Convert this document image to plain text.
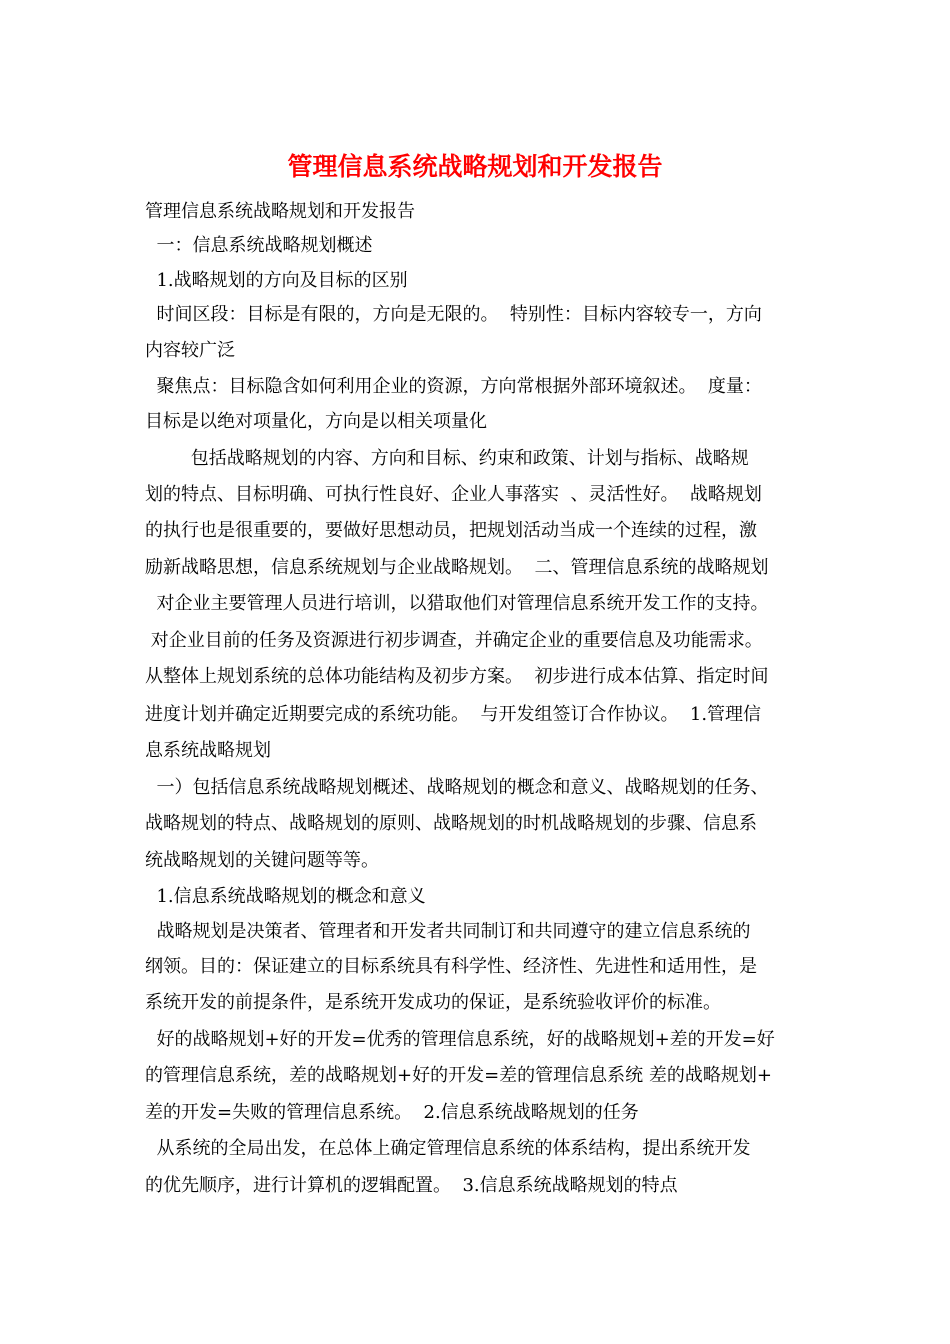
管理信息系统战略规划和开发报告
管理信息系统战略规划和开发报告
一：信息系统战略规划概述
1.战略规划的方向及目标的区别
时间区段：目标是有限的，方向是无限的。  特别性：目标内容较专一，方向
内容较广泛
聚焦点：目标隐含如何利用企业的资源，方向常根据外部环境叙述。  度量：
目标是以绝对项量化，方向是以相关项量化
包括战略规划的内容、方向和目标、约束和政策、计划与指标、战略规
划的特点、目标明确、可执行性良好、企业人事落实  、灵活性好。  战略规划
的执行也是很重要的，要做好思想动员，把规划活动当成一个连续的过程，激
励新战略思想，信息系统规划与企业战略规划。  二、管理信息系统的战略规划
对企业主要管理人员进行培训，以猎取他们对管理信息系统开发工作的支持。
对企业目前的任务及资源进行初步调查，并确定企业的重要信息及功能需求。
从整体上规划系统的总体功能结构及初步方案。  初步进行成本估算、指定时间
进度计划并确定近期要完成的系统功能。  与开发组签订合作协议。  1.管理信
息系统战略规划
一）包括信息系统战略规划概述、战略规划的概念和意义、战略规划的任务、
战略规划的特点、战略规划的原则、战略规划的时机战略规划的步骤、信息系
统战略规划的关键问题等等。
1.信息系统战略规划的概念和意义
战略规划是决策者、管理者和开发者共同制订和共同遵守的建立信息系统的
纲领。目的：保证建立的目标系统具有科学性、经济性、先进性和适用性，是
系统开发的前提条件，是系统开发成功的保证，是系统验收评价的标准。
好的战略规划+好的开发=优秀的管理信息系统，好的战略规划+差的开发=好
的管理信息系统，差的战略规划+好的开发=差的管理信息系统 差的战略规划+
差的开发=失败的管理信息系统。  2.信息系统战略规划的任务
从系统的全局出发，在总体上确定管理信息系统的体系结构，提出系统开发
的优先顺序，进行计算机的逻辑配置。  3.信息系统战略规划的特点
